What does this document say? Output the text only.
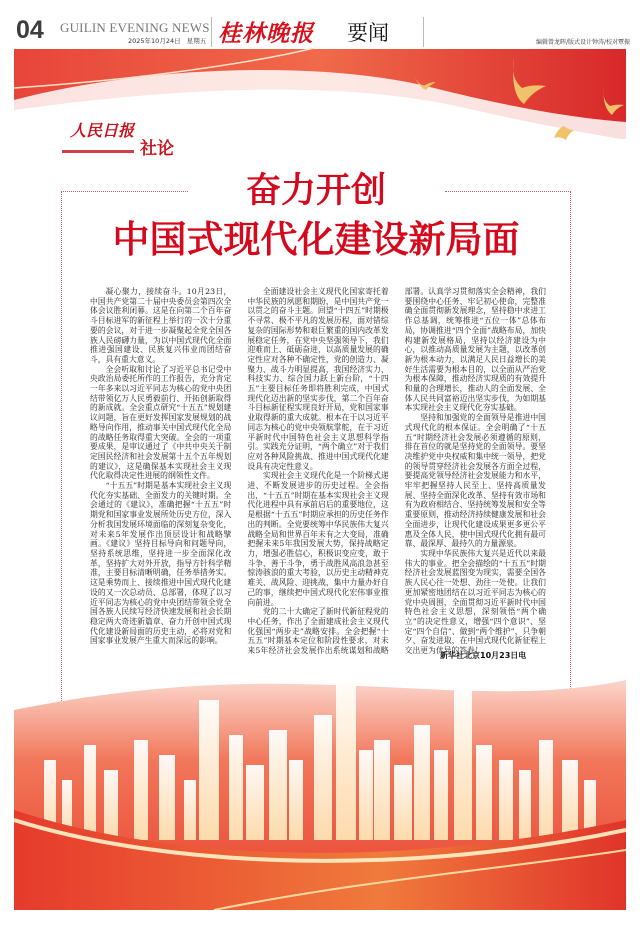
04 GUILIN EVENING NEWS
2025年10月24日   星期五 桂林晚报 要闻	编辑曾龙晖/版式设计钟涛/校对覃振
人民日报
社论
奋力开创
中国式现代化建设新局面

凝心聚力，接续奋斗。10月23日，中国共产党第二十届中央委员会第四次全体会议胜利闭幕。这是在向第二个百年奋斗目标进军的新征程上举行的一次十分重要的会议，对于进一步凝聚起全党全国各族人民磅礴力量，为以中国式现代化全面推进强国建设、民族复兴伟业而团结奋斗，具有重大意义。

全会听取和讨论了习近平总书记受中央政治局委托所作的工作报告，充分肯定一年多来以习近平同志为核心的党中央团结带领亿万人民勇毅前行、开拓创新取得的新成就。全会重点研究“十五五”规划建议问题，旨在更好发挥国家发展规划的战略导向作用，推动事关中国式现代化全局的战略任务取得重大突破。全会的一项重要成果，是审议通过了《中共中央关于制定国民经济和社会发展第十五个五年规划的建议》，这是确保基本实现社会主义现代化取得决定性进展的纲领性文件。

“十五五”时期是基本实现社会主义现代化夯实基础、全面发力的关键时期。全会通过的《建议》，准确把握“十五五”时期党和国家事业发展所处历史方位，深入分析我国发展环境面临的深刻复杂变化，对未来5年发展作出顶层设计和战略擘画。《建议》坚持目标导向和问题导向，坚持系统思维，坚持进一步全面深化改革，坚持扩大对外开放，指导方针科学精准，主要目标清晰明确，任务举措务实。这是乘势而上、接续推进中国式现代化建设的又一次总动员、总部署，体现了以习近平同志为核心的党中央团结带领全党全国各族人民续写经济快速发展和社会长期稳定两大奇迹新篇章、奋力开创中国式现代化建设新局面的历史主动，必将对党和国家事业发展产生重大而深远的影响。

全面建设社会主义现代化国家寄托着中华民族的夙愿和期盼，是中国共产党一以贯之的奋斗主题。回望“十四五”时期极不寻常、极不平凡的发展历程，面对错综复杂的国际形势和艰巨繁重的国内改革发展稳定任务，在党中央坚强领导下，我们迎难而上、砥砺奋进，以高质量发展的确定性应对各种不确定性，党的创造力、凝聚力、战斗力明显提高，我国经济实力、科技实力、综合国力跃上新台阶，“十四五”主要目标任务即将胜利完成，中国式现代化迈出新的坚实步伐，第二个百年奋斗目标新征程实现良好开局，党和国家事业取得新的重大成就。根本在于以习近平同志为核心的党中央领航掌舵，在于习近平新时代中国特色社会主义思想科学指引。实践充分证明，“两个确立”对于我们应对各种风险挑战、推进中国式现代化建设具有决定性意义。

实现社会主义现代化是一个阶梯式递进、不断发展进步的历史过程。全会指出，“十五五”时期在基本实现社会主义现代化进程中具有承前启后的重要地位，这是根据“十五五”时期应承担的历史任务作出的判断。全党要统筹中华民族伟大复兴战略全局和世界百年未有之大变局，准确把握未来5年我国发展大势，保持战略定力，增强必胜信心，积极识变应变，敢于斗争、善于斗争，勇于战胜风高浪急甚至惊涛骇浪的重大考验，以历史主动精神克难关、战风险、迎挑战，集中力量办好自己的事，继续把中国式现代化宏伟事业推向前进。

党的二十大确定了新时代新征程党的中心任务，作出了全面建成社会主义现代化强国“两步走”战略安排。全会把握“十五五”时期基本定位和阶段性要求，对未来5年经济社会发展作出系统谋划和战略部署。认真学习贯彻落实全会精神，我们要围绕中心任务、牢记初心使命，完整准确全面贯彻新发展理念，坚持稳中求进工作总基调，统筹推进“五位一体”总体布局，协调推进“四个全面”战略布局，加快构建新发展格局，坚持以经济建设为中心，以推动高质量发展为主题，以改革创新为根本动力，以满足人民日益增长的美好生活需要为根本目的，以全面从严治党为根本保障，推动经济实现质的有效提升和量的合理增长，推动人的全面发展、全体人民共同富裕迈出坚实步伐，为如期基本实现社会主义现代化夯实基础。

坚持和加强党的全面领导是推进中国式现代化的根本保证。全会明确了“十五五”时期经济社会发展必须遵循的原则，排在首位的就是坚持党的全面领导。要坚决维护党中央权威和集中统一领导，把党的领导贯穿经济社会发展各方面全过程，要提高党领导经济社会发展能力和水平，牢牢把握坚持人民至上、坚持高质量发展、坚持全面深化改革、坚持有效市场和有为政府相结合、坚持统筹发展和安全等重要原则，推动经济持续健康发展和社会全面进步，让现代化建设成果更多更公平惠及全体人民，使中国式现代化拥有最可靠、最深厚、最持久的力量源泉。

实现中华民族伟大复兴是近代以来最伟大的事业。把全会描绘的“十五五”时期经济社会发展蓝图变为现实，需要全国各族人民心往一处想、劲往一处使。让我们更加紧密地团结在以习近平同志为核心的党中央周围，全面贯彻习近平新时代中国特色社会主义思想，深刻领悟“两个确立”的决定性意义，增强“四个意识”、坚定“四个自信”、做到“两个维护”，只争朝夕、奋发进取，在中国式现代化新征程上交出更为优异的答卷！

新华社北京10月23日电
